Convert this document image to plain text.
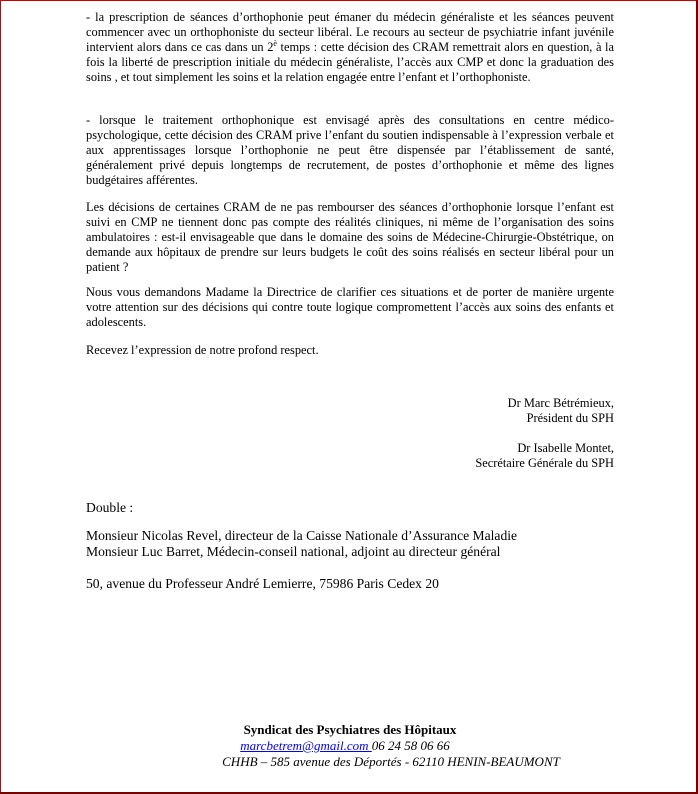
- la prescription de séances d’orthophonie peut émaner du médecin généraliste et les séances peuvent commencer avec un orthophoniste du secteur libéral. Le recours au secteur de psychiatrie infant juvénile intervient alors dans ce cas dans un $2^è$ temps : cette décision des CRAM remettrait alors en question, à la fois la liberté de prescription initiale du médecin généraliste, l’accès aux CMP et donc la graduation des soins , et tout simplement les soins et la relation engagée entre l’enfant et l’orthophoniste.

- lorsque le traitement orthophonique est envisagé après des consultations en centre médico-psychologique, cette décision des CRAM prive l’enfant du soutien indispensable à l’expression verbale et aux apprentissages lorsque l’orthophonie ne peut être dispensée par l’établissement de santé, généralement privé depuis longtemps de recrutement, de postes d’orthophonie et même des lignes budgétaires afférentes.

Les décisions de certaines CRAM de ne pas rembourser des séances d’orthophonie lorsque l’enfant est suivi en CMP ne tiennent donc pas compte des réalités cliniques, ni même de l’organisation des soins ambulatoires : est-il envisageable que dans le domaine des soins de Médecine-Chirurgie-Obstétrique, on demande aux hôpitaux de prendre sur leurs budgets le coût des soins réalisés en secteur libéral pour un patient ?

Nous vous demandons Madame la Directrice de clarifier ces situations et de porter de manière urgente votre attention sur des décisions qui contre toute logique compromettent l’accès aux soins des enfants et adolescents.

Recevez l’expression de notre profond respect.

Dr Marc Bétrémieux,
Président du SPH
Dr Isabelle Montet,
Secrétaire Générale du SPH
Double :
Monsieur Nicolas Revel, directeur de la Caisse Nationale d’Assurance Maladie
Monsieur Luc Barret, Médecin-conseil national, adjoint au directeur général
50, avenue du Professeur André Lemierre, 75986 Paris Cedex 20
Syndicat des Psychiatres des Hôpitaux
marcbetrem@gmail.com 06 24 58 06 66
CHHB – 585 avenue des Déportés - 62110 HENIN-BEAUMONT
